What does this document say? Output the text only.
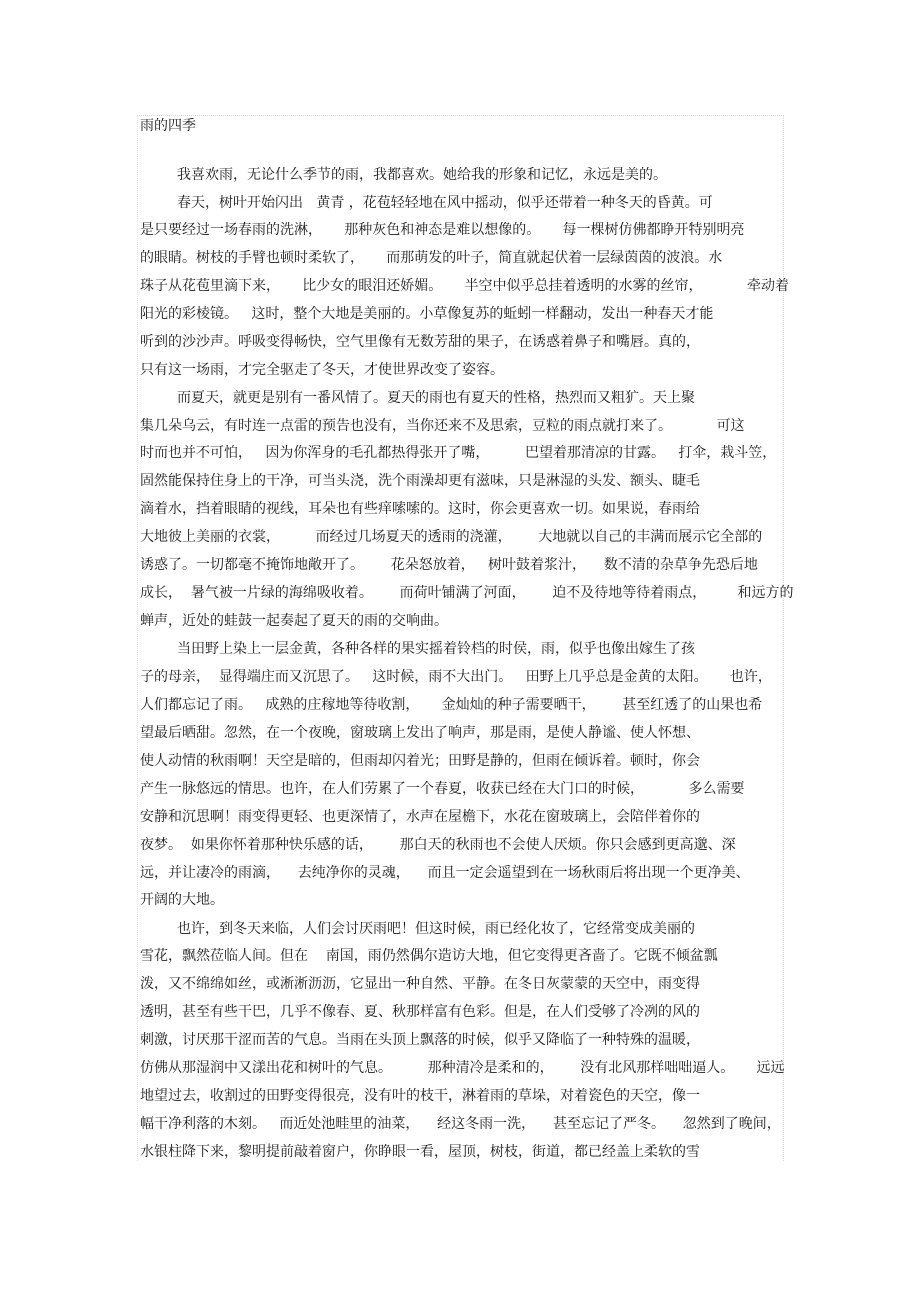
雨的四季
我喜欢雨，无论什么季节的雨，我都喜欢。她给我的形象和记忆，永远是美的。
春天，树叶开始闪出   黄青 ，花苞轻轻地在风中摇动，似乎还带着一种冬天的昏黄。可
是只要经过一场春雨的洗淋，     那种灰色和神态是难以想像的。     每一棵树仿佛都睁开特别明亮
的眼睛。树枝的手臂也顿时柔软了，     而那萌发的叶子，简直就起伏着一层绿茵茵的波浪。水
珠子从花苞里滴下来，     比少女的眼泪还娇媚。     半空中似乎总挂着透明的水雾的丝帘，          牵动着
阳光的彩棱镜。   这时，整个大地是美丽的。小草像复苏的蚯蚓一样翻动，发出一种春天才能
听到的沙沙声。呼吸变得畅快，空气里像有无数芳甜的果子，在诱惑着鼻子和嘴唇。真的，
只有这一场雨，才完全驱走了冬天，才使世界改变了姿容。
而夏天，就更是别有一番风情了。夏天的雨也有夏天的性格，热烈而又粗犷。天上聚
集几朵乌云，有时连一点雷的预告也没有，当你还来不及思索，豆粒的雨点就打来了。          可这
时而也并不可怕，   因为你浑身的毛孔都热得张开了嘴，        巴望着那清凉的甘露。   打伞，栽斗笠，
固然能保持住身上的干净，可当头浇，洗个雨澡却更有滋味，只是淋湿的头发、额头、睫毛
滴着水，挡着眼睛的视线，耳朵也有些痒嗦嗦的。这时，你会更喜欢一切。如果说，春雨给
大地彼上美丽的衣裳，        而经过几场夏天的透雨的浇灌，      大地就以自己的丰满而展示它全部的
诱惑了。一切都毫不掩饰地敞开了。      花朵怒放着，   树叶鼓着浆汁，    数不清的杂草争先恐后地
成长，  暑气被一片绿的海绵吸收着。      而荷叶铺满了河面，      迫不及待地等待着雨点，       和远方的
蝉声，近处的蛙鼓一起奏起了夏天的雨的交响曲。
当田野上染上一层金黄，各种各样的果实摇着铃档的时侯，雨，似乎也像出嫁生了孩
子的母亲，  显得端庄而又沉思了。   这时候，雨不大出门。   田野上几乎总是金黄的太阳。     也许，
人们都忘记了雨。   成熟的庄稼地等待收割，     金灿灿的种子需要晒干，      甚至红透了的山果也希
望最后晒甜。忽然，在一个夜晚，窗玻璃上发出了响声，那是雨，是使人静谧、使人怀想、
使人动情的秋雨啊！天空是暗的，但雨却闪着光；田野是静的，但雨在倾诉着。顿时，你会
产生一脉悠远的情思。也许，在人们劳累了一个春夏，收获已经在大门口的时候，          多么需要
安静和沉思啊！雨变得更轻、也更深情了，水声在屋檐下，水花在窗玻璃上，会陪伴着你的
夜梦。  如果你怀着那种快乐感的话，      那白天的秋雨也不会使人厌烦。你只会感到更高邈、深
远，并让凄冷的雨滴，    去纯净你的灵魂，    而且一定会遥望到在一场秋雨后将出现一个更净美、
开阔的大地。
也许，到冬天来临，人们会讨厌雨吧！但这时候，雨已经化妆了，它经常变成美丽的
雪花，飘然莅临人间。但在    南国，雨仍然偶尔造访大地，但它变得更吝啬了。它既不倾盆瓢
泼，又不绵绵如丝，或淅淅沥沥，它显出一种自然、平静。在冬日灰蒙蒙的天空中，雨变得
透明，甚至有些干巴，几乎不像春、夏、秋那样富有色彩。但是，在人们受够了冷冽的风的
刺激，讨厌那干涩而苦的气息。当雨在头顶上飘落的时候，似乎又降临了一种特殊的温暖，
仿佛从那湿润中又漾出花和树叶的气息。        那种清冷是柔和的，      没有北风那样咄咄逼人。     远远
地望过去，收割过的田野变得很亮，没有叶的枝干，淋着雨的草垛，对着瓷色的天空，像一
幅干净利落的木刻。   而近处池畦里的油菜，    经这冬雨一洗，    甚至忘记了严冬。    忽然到了晚间，
水银柱降下来，黎明提前敲着窗户，你睁眼一看，屋顶，树枝，街道，都已经盖上柔软的雪
